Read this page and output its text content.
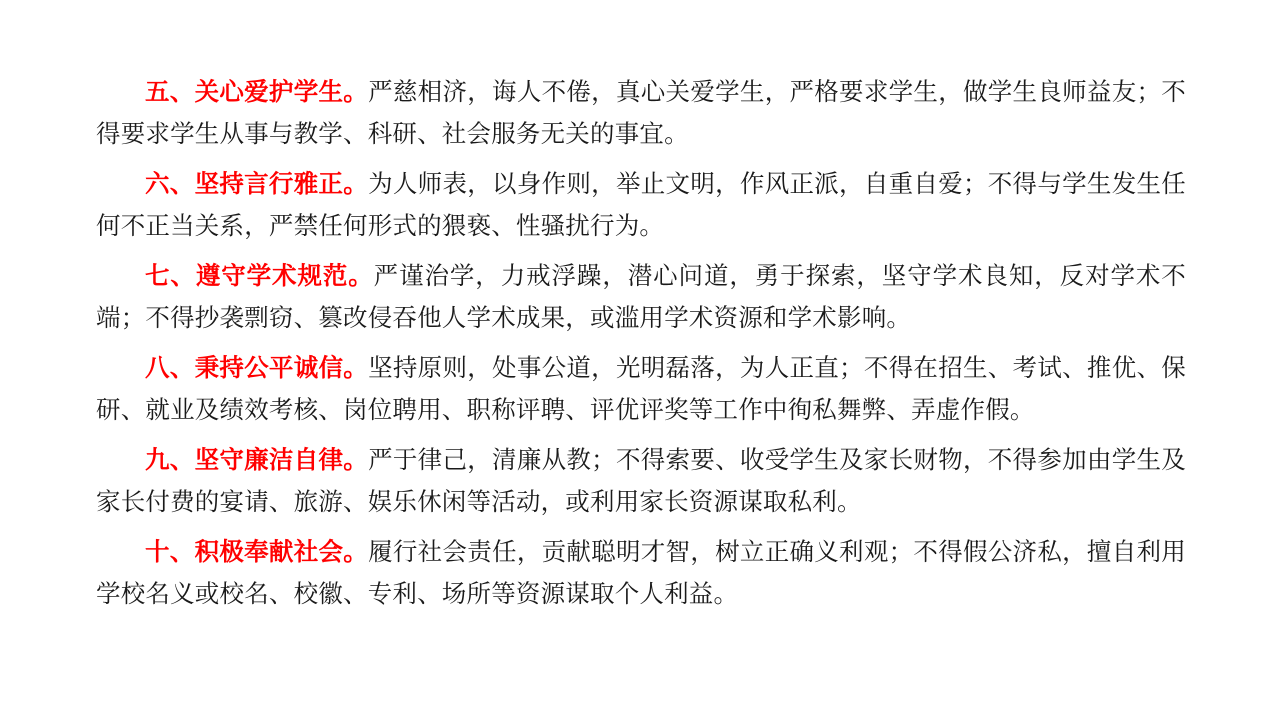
五、关心爱护学生。严慈相济，诲人不倦，真心关爱学生，严格要求学生，做学生良师益友；不得要求学生从事与教学、科研、社会服务无关的事宜。

六、坚持言行雅正。为人师表，以身作则，举止文明，作风正派，自重自爱；不得与学生发生任何不正当关系，严禁任何形式的猥亵、性骚扰行为。

七、遵守学术规范。严谨治学，力戒浮躁，潜心问道，勇于探索，坚守学术良知，反对学术不端；不得抄袭剽窃、篡改侵吞他人学术成果，或滥用学术资源和学术影响。

八、秉持公平诚信。坚持原则，处事公道，光明磊落，为人正直；不得在招生、考试、推优、保研、就业及绩效考核、岗位聘用、职称评聘、评优评奖等工作中徇私舞弊、弄虚作假。

九、坚守廉洁自律。严于律己，清廉从教；不得索要、收受学生及家长财物，不得参加由学生及家长付费的宴请、旅游、娱乐休闲等活动，或利用家长资源谋取私利。

十、积极奉献社会。履行社会责任，贡献聪明才智，树立正确义利观；不得假公济私，擅自利用学校名义或校名、校徽、专利、场所等资源谋取个人利益。
